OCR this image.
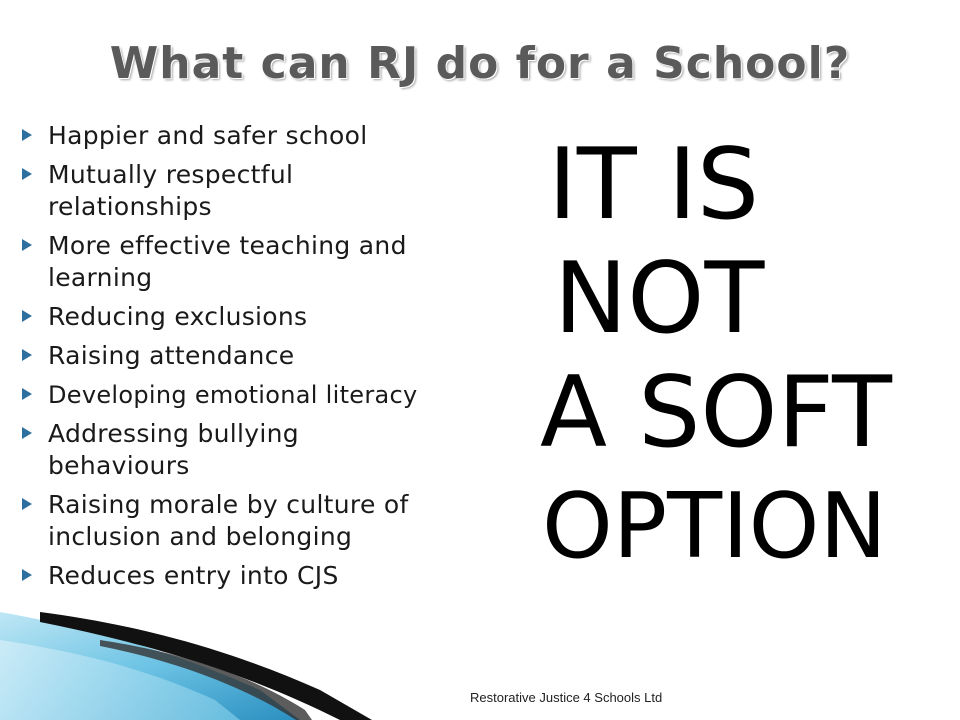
What can RJ do for a School?
Happier and safer school
Mutually respectful relationships
More effective teaching and learning
Reducing exclusions
Raising attendance
Developing emotional literacy
Addressing bullying behaviours
Raising morale by culture of inclusion and belonging
Reduces entry into CJS
IT IS
NOT
A SOFT
OPTION
Restorative Justice 4 Schools Ltd
